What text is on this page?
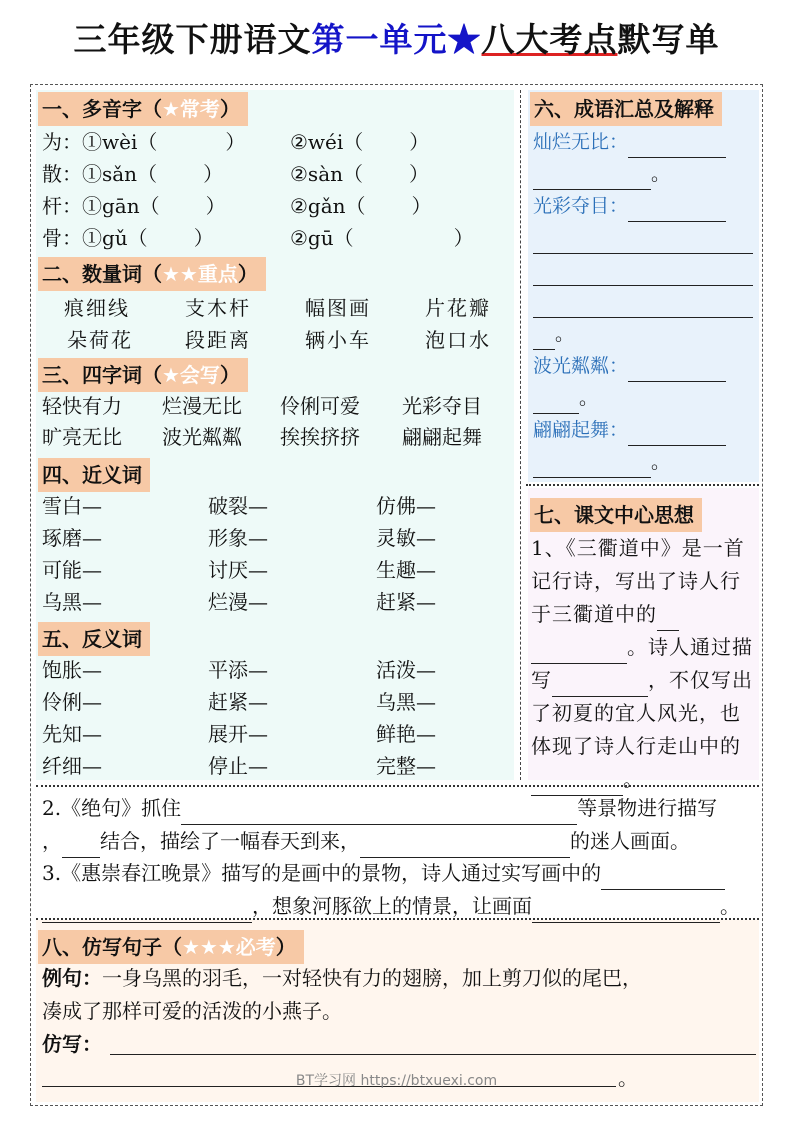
三年级下册语文第一单元★八大考点默写单
一、多音字（★常考）
为：①wèi（	） ②wéi（ ）
散：①sǎn（ ）	②sàn（ ）
杆：①gān（ ）	②gǎn（ ）
骨：①gǔ（ ）	②gū（	）
二、数量词（★★重点）
痕细线	支木杆	幅图画	片花瓣
朵荷花	段距离	辆小车	泡口水
三、四字词（★会写）
轻快有力 烂漫无比 伶俐可爱 光彩夺目
旷亮无比 波光粼粼 挨挨挤挤 翩翩起舞
四、近义词
雪白—	破裂—	仿佛—
琢磨—	形象—	灵敏—
可能—	讨厌—	生趣—
乌黑—	烂漫—	赶紧—
五、反义词
饱胀—	平添—	活泼—
伶俐—	赶紧—	乌黑—
先知—	展开—	鲜艳—
纤细—	停止—	完整—
六、成语汇总及解释
灿烂无比：
。
光彩夺目：

。
波光粼粼：
。
翩翩起舞：
。
七、课文中心思想
1、《三衢道中》是一首记行诗，写出了诗人行于三衢道中的。诗人通过描写	，不仅写出了初夏的宜人风光，也体现了诗人行走山中的。
2.《绝句》抓住	等景物进行描写
， 结合，描绘了一幅春天到来，	的迷人画面。
3.《惠崇春江晚景》描写的是画中的景物，诗人通过实写画中的
，想象河豚欲上的情景，让画面	。
八、仿写句子（★★★必考）
例句：一身乌黑的羽毛，一对轻快有力的翅膀，加上剪刀似的尾巴，
凑成了那样可爱的活泼的小燕子。
仿写：
。
BT学习网 https://btxuexi.com
